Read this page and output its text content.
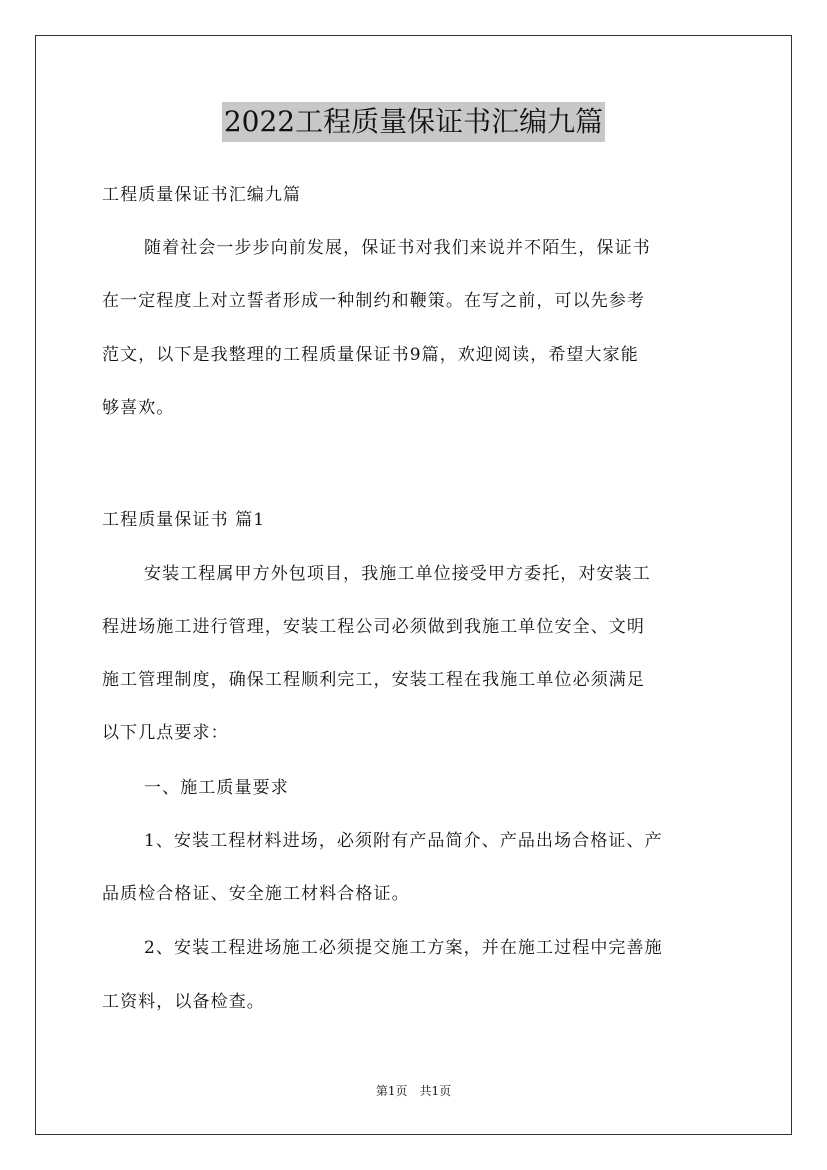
2022工程质量保证书汇编九篇
工程质量保证书汇编九篇
随着社会一步步向前发展，保证书对我们来说并不陌生，保证书
在一定程度上对立誓者形成一种制约和鞭策。在写之前，可以先参考
范文，以下是我整理的工程质量保证书9篇，欢迎阅读，希望大家能
够喜欢。
工程质量保证书 篇1
安装工程属甲方外包项目，我施工单位接受甲方委托，对安装工
程进场施工进行管理，安装工程公司必须做到我施工单位安全、文明
施工管理制度，确保工程顺利完工，安装工程在我施工单位必须满足
以下几点要求：
一、施工质量要求
1、安装工程材料进场，必须附有产品简介、产品出场合格证、产
品质检合格证、安全施工材料合格证。
2、安装工程进场施工必须提交施工方案，并在施工过程中完善施
工资料，以备检查。
第1页　共1页
